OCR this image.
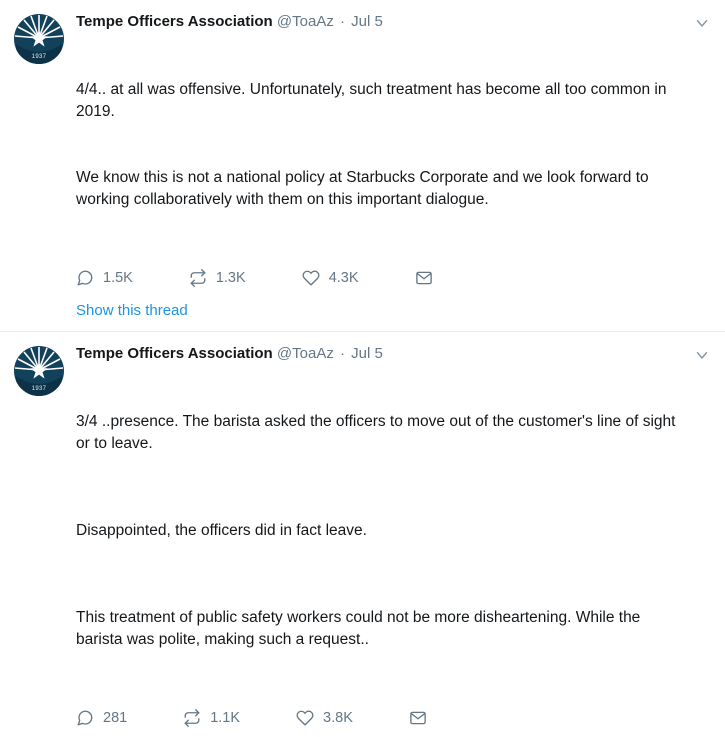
1937
Tempe Officers Association @ToaAz · Jul 5

4/4.. at all was offensive. Unfortunately, such treatment has become all too common in 2019.

We know this is not a national policy at Starbucks Corporate and we look forward to working collaboratively with them on this important dialogue.

1.5K	1.3K	4.3K
Show this thread
1937
Tempe Officers Association @ToaAz · Jul 5

3/4 ..presence. The barista asked the officers to move out of the customer's line of sight or to leave.

Disappointed, the officers did in fact leave.

This treatment of public safety workers could not be more disheartening. While the barista was polite, making such a request..

281	1.1K	3.8K
